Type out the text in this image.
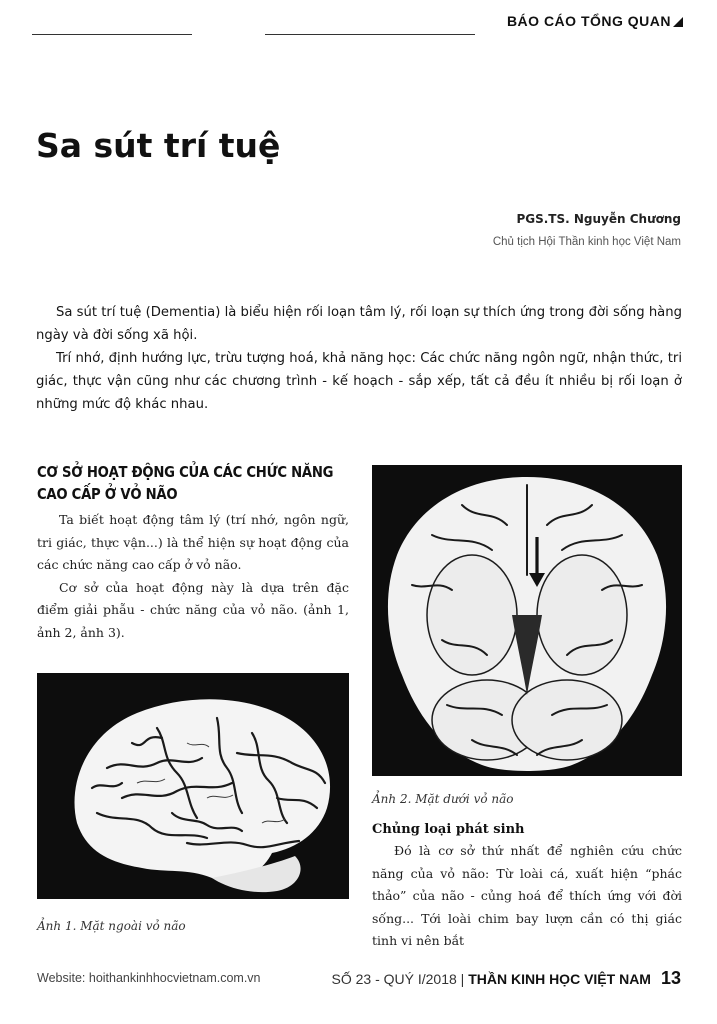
BÁO CÁO TỔNG QUAN
Sa sút trí tuệ
PGS.TS. Nguyễn Chương
Chủ tịch Hội Thần kinh học Việt Nam

Sa sút trí tuệ (Dementia) là biểu hiện rối loạn tâm lý, rối loạn sự thích ứng trong đời sống hàng ngày và đời sống xã hội.

Trí nhớ, định hướng lực, trừu tượng hoá, khả năng học: Các chức năng ngôn ngữ, nhận thức, tri giác, thực vận cũng như các chương trình - kế hoạch - sắp xếp, tất cả đều ít nhiều bị rối loạn ở những mức độ khác nhau.

CƠ SỞ HOẠT ĐỘNG CỦA CÁC CHỨC NĂNG CAO CẤP Ở VỎ NÃO

Ta biết hoạt động tâm lý (trí nhớ, ngôn ngữ, tri giác, thực vận...) là thể hiện sự hoạt động của các chức năng cao cấp ở vỏ não.

Cơ sở của hoạt động này là dựa trên đặc điểm giải phẫu - chức năng của vỏ não. (ảnh 1, ảnh 2, ảnh 3).

Ảnh 1. Mặt ngoài vỏ não
Ảnh 2. Mặt dưới vỏ não
Chủng loại phát sinh

Đó là cơ sở thứ nhất để nghiên cứu chức năng của vỏ não: Từ loài cá, xuất hiện “phác thảo” của não - củng hoá để thích ứng với đời sống... Tới loài chim bay lượn cần có thị giác tinh vi nên bắt

Website: hoithankinhhocvietnam.com.vn	SỐ 23 - QUÝ I/2018 | THẦN KINH HỌC VIỆT NAM 13
